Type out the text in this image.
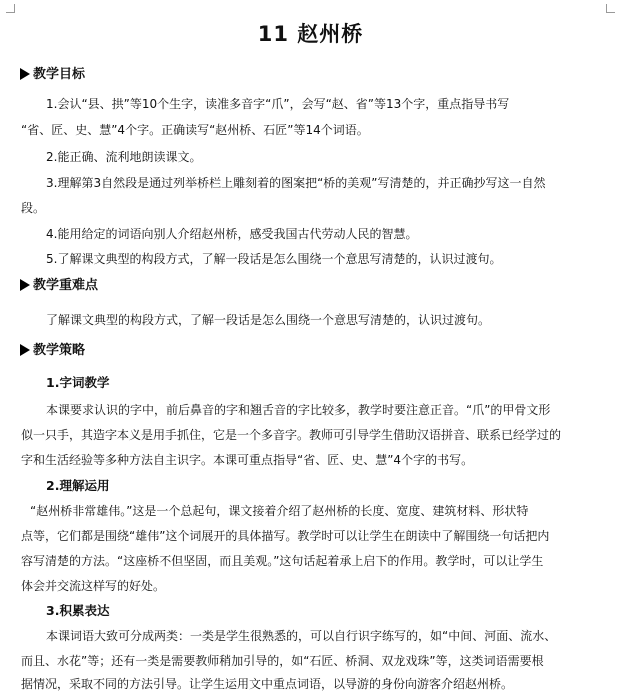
11 赵州桥
教学目标
1.会认“县、拱”等10个生字，读准多音字“爪”，会写“赵、省”等13个字，重点指导书写
“省、匠、史、慧”4个字。正确读写“赵州桥、石匠”等14个词语。
2.能正确、流利地朗读课文。
3.理解第3自然段是通过列举桥栏上雕刻着的图案把“桥的美观”写清楚的，并正确抄写这一自然
段。
4.能用给定的词语向别人介绍赵州桥，感受我国古代劳动人民的智慧。
5.了解课文典型的构段方式，了解一段话是怎么围绕一个意思写清楚的，认识过渡句。
教学重难点
了解课文典型的构段方式，了解一段话是怎么围绕一个意思写清楚的，认识过渡句。
教学策略
1.字词教学
本课要求认识的字中，前后鼻音的字和翘舌音的字比较多，教学时要注意正音。“爪”的甲骨文形
似一只手，其造字本义是用手抓住，它是一个多音字。教师可引导学生借助汉语拼音、联系已经学过的
字和生活经验等多种方法自主识字。本课可重点指导“省、匠、史、慧”4个字的书写。
2.理解运用
“赵州桥非常雄伟。”这是一个总起句，课文接着介绍了赵州桥的长度、宽度、建筑材料、形状特
点等，它们都是围绕“雄伟”这个词展开的具体描写。教学时可以让学生在朗读中了解围绕一句话把内
容写清楚的方法。“这座桥不但坚固，而且美观。”这句话起着承上启下的作用。教学时，可以让学生
体会并交流这样写的好处。
3.积累表达
本课词语大致可分成两类：一类是学生很熟悉的，可以自行识字练写的，如“中间、河面、流水、
而且、水花”等；还有一类是需要教师稍加引导的，如“石匠、桥洞、双龙戏珠”等，这类词语需要根
据情况，采取不同的方法引导。让学生运用文中重点词语，以导游的身份向游客介绍赵州桥。
